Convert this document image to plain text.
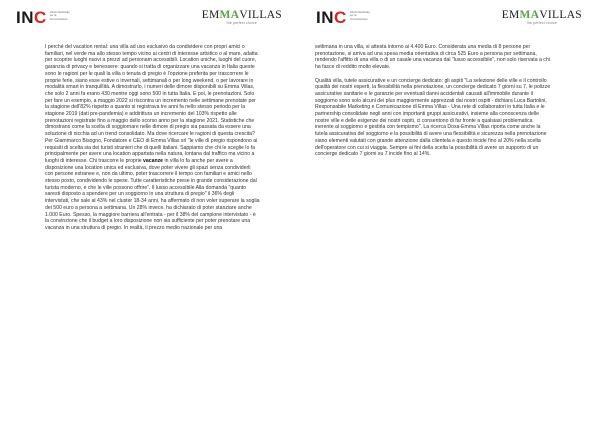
INC Istituto Nazionale per la Comunicazione	EMMAVILLAS
the perfect choice

I perché del vacation rental: una villa ad uso esclusivo da condividere con propri amici o familiari, nel verde ma allo stesso tempo vicino ai centri di interesse artistico o al mare, adatta per scoprire luoghi nuovi a prezzi ad personam accessibili. Location uniche, luoghi del cuore, garanzia di privacy e benessere: quando si tratta di organizzare una vacanza in Italia queste sono le ragioni per le quali la villa o tenuta di pregio è l'opzione preferita per trascorrere le proprie ferie, siano esse estive o invernali, settimanali o per long weekend, o per lavorare in modalità smart in tranquillità. A dimostrarlo, i numeri delle dimore disponibili su Emma Villas, che solo 2 anni fa erano 430 mentre oggi sono 500 in tutta Italia. E poi, le prenotazioni. Solo per fare un esempio, a maggio 2022 si riscontra un incremento nelle settimane prenotate per la stagione dell'82% rispetto a quanto si registrava tre anni fa nello stesso periodo per la stagione 2019 (dati pre-pandemia) e addirittura un incremento del 103% rispetto alle prenotazioni registrate fino a maggio dello scorso anno per la stagione 2021. Statistiche che dimostrano come la scelta di soggiornare nelle dimore di pregio sia passata da essere una soluzione di nicchia ad un trend consolidato. Ma dove ricercare le ragioni di questa crescita? Per Giammarco Bisogno, Fondatore e CEO di Emma Villas srl "le ville di pregio rispondono ai requisiti di scelta sia dei turisti stranieri che di quelli italiani. Sappiamo che chi le sceglie lo fa principalmente per avere una location appartata nella natura, lontana dal traffico ma vicino a luoghi di interesse. Chi trascorre le proprie vacanze in villa lo fa anche per avere a disposizione una location unica ed esclusiva, dove poter vivere gli spazi senza condividerli con persone estranee e, non da ultimo, poter trascorrere il tempo con familiari e amici nello stesso posto, condividendo le spese. Tutte caratteristiche prese in grande considerazione dal turista moderno, e che le ville possono offrire". Il lusso accessibile Alla domanda "quanto saresti disposto a spendere per un soggiorno in una struttura di pregio" il 36% degli intervistati, che sale al 43% nel cluster 18-34 anni, ha affermato di non voler superare la soglia dei 500 euro a persona a settimana. Un 28% invece, ha dichiarato di poter stanziare anche 1.000 Euro. Spesso, la maggiore barriera all'entrata - per il 38% del campione intervistato - è la convinzione che il budget a loro disposizione non sia sufficiente per poter prenotare una vacanza in una struttura di pregio. In realtà, il prezzo medio nazionale per una

INC Istituto Nazionale per la Comunicazione	EMMAVILLAS
the perfect choice

settimana in una villa, si attesta intorno ai 4.400 Euro. Considerata una media di 8 persone per prenotazione, si arriva ad una spesa media orientativa di circa 525 Euro a persona per settimana, rendendo l'affitto di una villa o di un casale una vacanza dal "lusso accessibile", non solo riservata a chi ha fasce di reddito molto elevate.

Qualità villa, tutele assicurative e un concierge dedicato: gli aspiti "La selezione delle ville e il controllo qualità dei nostri esperti, la flessibilità nella prenotazione, un concierge dedicato 7 giorni su 7, le polizze assicurative sanitarie e le garanzie per eventuali danni accidentali causati all'immobile durante il soggiorno sono solo alcuni dei plus maggiormente apprezzati dai nostri ospiti - dichiara Luca Bartolini, Responsabile Marketing e Comunicazione di Emma Villas - Una rete di collaboratori in tutta Italia e le partnership consolidate negli anni con importanti gruppi assicurativi, insieme alla conoscenza delle nostre ville e delle esigenze dei nostri ospiti, ci consentono di far fronte a qualsiasi problematica inerente al soggiorno e gestirla con tempismo". La ricerca Doxa-Emma Villas riporta come anche la tutela assicurativa del soggiorno e la possibilità di avere una flessibilità e sicurezza nella prenotazione siano elementi valutati con grande attenzione dalla clientela e questo incide fino al 20% nella scelta dell'operatore con cui si viaggia. Sempre ai fini della scelta la possibilità di avere un supporto di un concierge dedicato 7 giorni su 7 incide fino al 14%.
